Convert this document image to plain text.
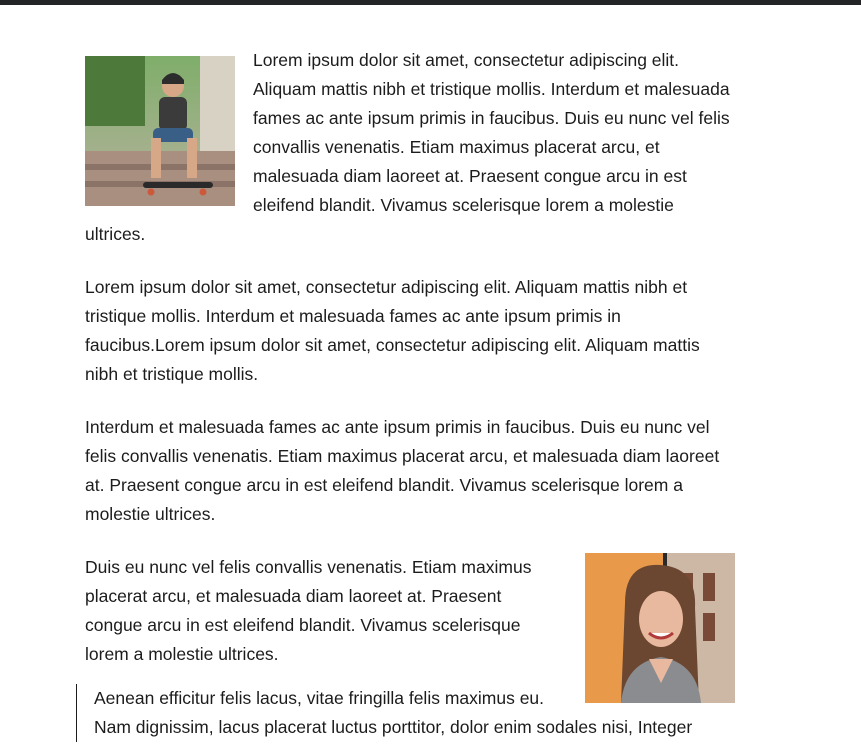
Lorem ipsum dolor sit amet, consectetur adipiscing elit. Aliquam mattis nibh et tristique mollis. Interdum et malesuada fames ac ante ipsum primis in faucibus. Duis eu nunc vel felis convallis venenatis. Etiam maximus placerat arcu, et malesuada diam laoreet at. Praesent congue arcu in est eleifend blandit. Vivamus scelerisque lorem a molestie ultrices.

Lorem ipsum dolor sit amet, consectetur adipiscing elit. Aliquam mattis nibh et tristique mollis. Interdum et malesuada fames ac ante ipsum primis in faucibus.Lorem ipsum dolor sit amet, consectetur adipiscing elit. Aliquam mattis nibh et tristique mollis.

Interdum et malesuada fames ac ante ipsum primis in faucibus. Duis eu nunc vel felis convallis venenatis. Etiam maximus placerat arcu, et malesuada diam laoreet at. Praesent congue arcu in est eleifend blandit. Vivamus scelerisque lorem a molestie ultrices.

Duis eu nunc vel felis convallis venenatis. Etiam maximus placerat arcu, et malesuada diam laoreet at. Praesent congue arcu in est eleifend blandit. Vivamus scelerisque lorem a molestie ultrices.

Aenean efficitur felis lacus, vitae fringilla felis maximus eu.

Nam dignissim, lacus placerat luctus porttitor, dolor enim sodales nisi, Integer
